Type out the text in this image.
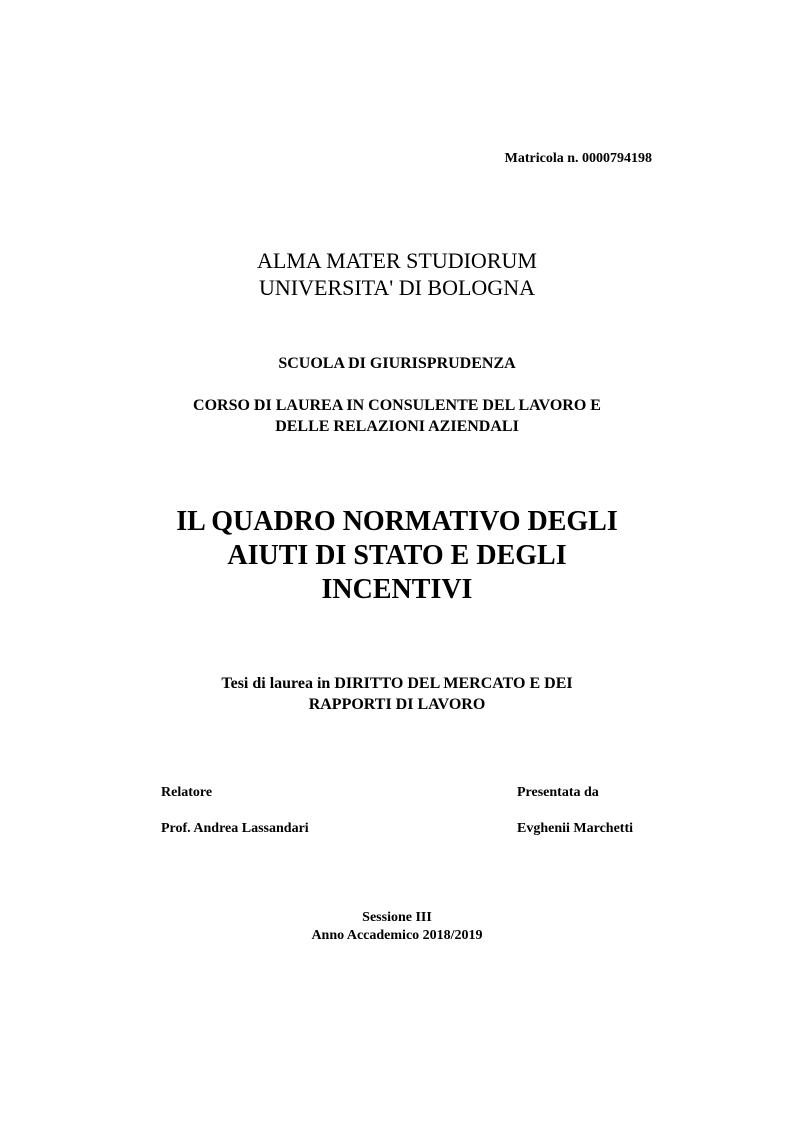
Matricola n. 0000794198
ALMA MATER STUDIORUM
UNIVERSITA' DI BOLOGNA
SCUOLA DI GIURISPRUDENZA
CORSO DI LAUREA IN CONSULENTE DEL LAVORO E
DELLE RELAZIONI AZIENDALI
IL QUADRO NORMATIVO DEGLI
AIUTI DI STATO E DEGLI
INCENTIVI
Tesi di laurea in DIRITTO DEL MERCATO E DEI
RAPPORTI DI LAVORO
Relatore
Prof. Andrea Lassandari
Presentata da
Evghenii Marchetti
Sessione III
Anno Accademico 2018/2019
